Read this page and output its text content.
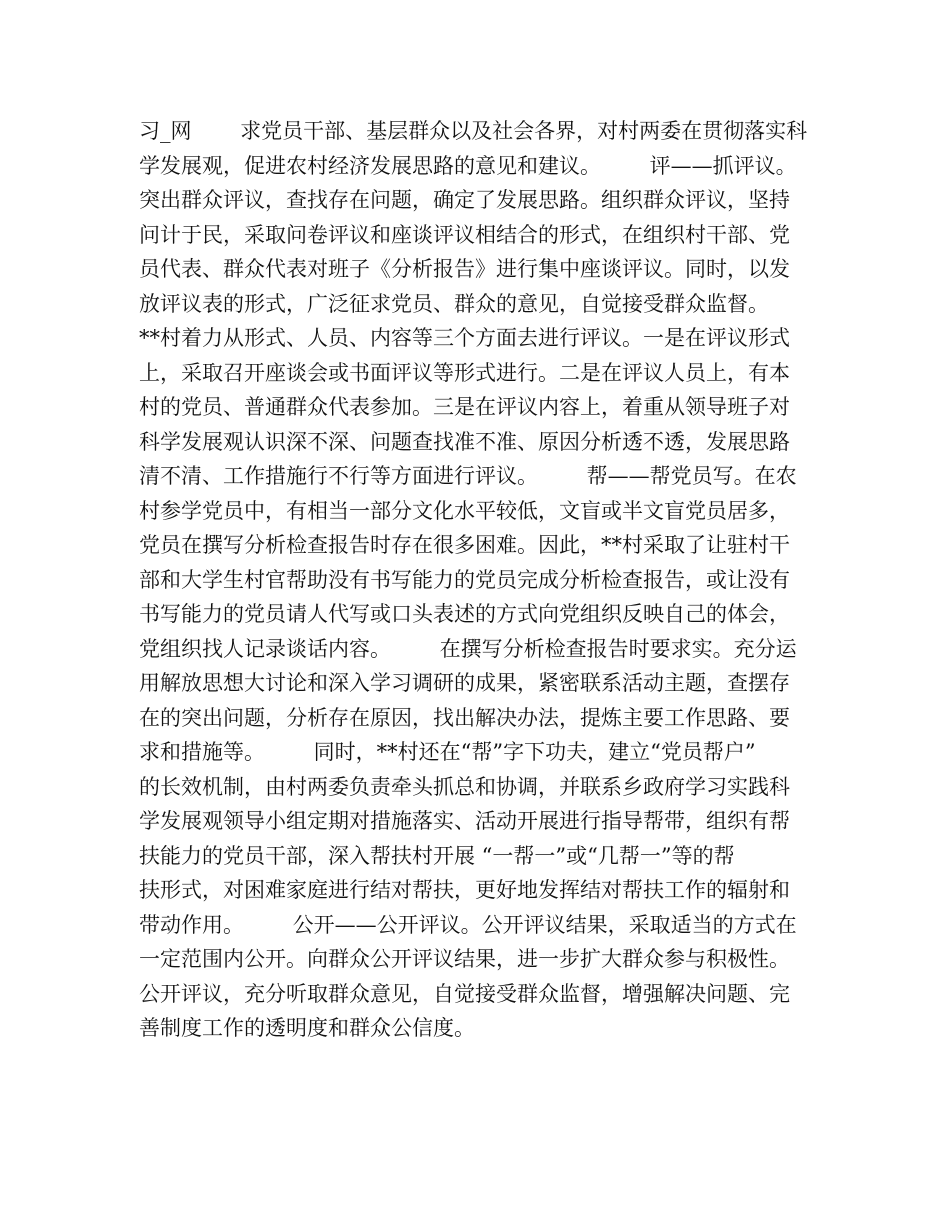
习_网 　　求党员干部、基层群众以及社会各界，对村两委在贯彻落实科
学发展观，促进农村经济发展思路的意见和建议。 　　评——抓评议。
突出群众评议，查找存在问题，确定了发展思路。组织群众评议，坚持
问计于民，采取问卷评议和座谈评议相结合的形式，在组织村干部、党
员代表、群众代表对班子《分析报告》进行集中座谈评议。同时，以发
放评议表的形式，广泛征求党员、群众的意见，自觉接受群众监督。
**村着力从形式、人员、内容等三个方面去进行评议。一是在评议形式
上，采取召开座谈会或书面评议等形式进行。二是在评议人员上，有本
村的党员、普通群众代表参加。三是在评议内容上，着重从领导班子对
科学发展观认识深不深、问题查找准不准、原因分析透不透，发展思路
清不清、工作措施行不行等方面进行评议。 　　帮——帮党员写。在农
村参学党员中，有相当一部分文化水平较低，文盲或半文盲党员居多，
党员在撰写分析检查报告时存在很多困难。因此，**村采取了让驻村干
部和大学生村官帮助没有书写能力的党员完成分析检查报告，或让没有
书写能力的党员请人代写或口头表述的方式向党组织反映自己的体会，
党组织找人记录谈话内容。 　　在撰写分析检查报告时要求实。充分运
用解放思想大讨论和深入学习调研的成果，紧密联系活动主题，查摆存
在的突出问题，分析存在原因，找出解决办法，提炼主要工作思路、要
求和措施等。 　　同时，**村还在“帮”字下功夫，建立“党员帮户”
的长效机制，由村两委负责牵头抓总和协调，并联系乡政府学习实践科
学发展观领导小组定期对措施落实、活动开展进行指导帮带，组织有帮
扶能力的党员干部，深入帮扶村开展 “一帮一”或“几帮一”等的帮
扶形式，对困难家庭进行结对帮扶，更好地发挥结对帮扶工作的辐射和
带动作用。 　　公开——公开评议。公开评议结果，采取适当的方式在
一定范围内公开。向群众公开评议结果，进一步扩大群众参与积极性。
公开评议，充分听取群众意见，自觉接受群众监督，增强解决问题、完
善制度工作的透明度和群众公信度。
